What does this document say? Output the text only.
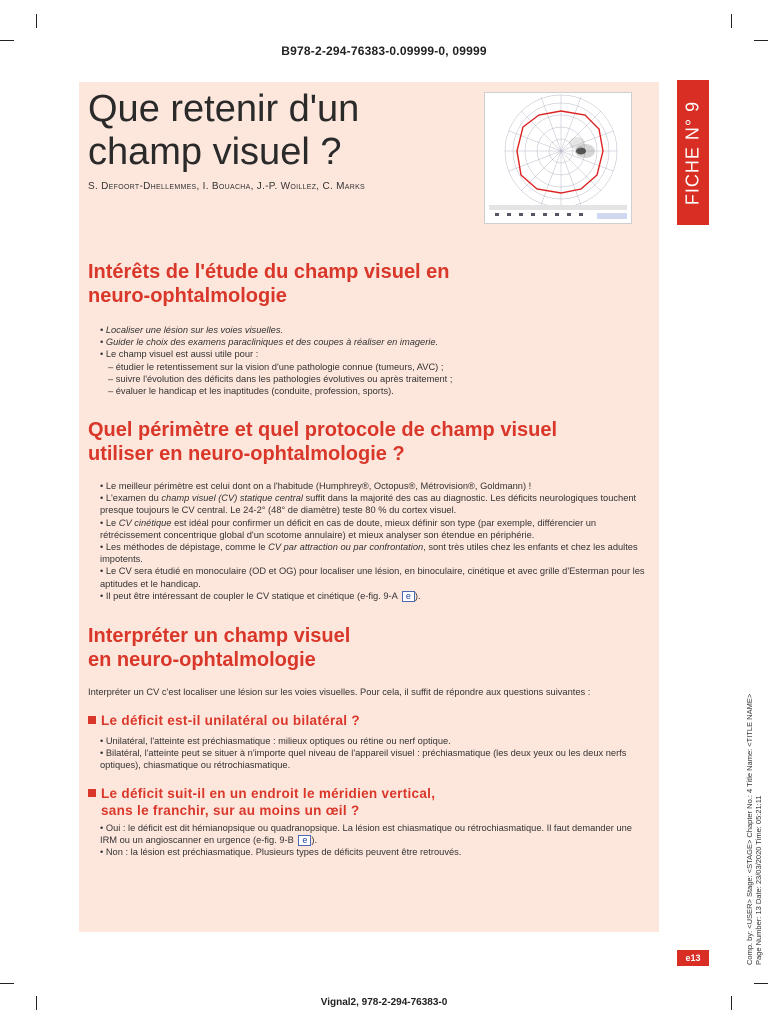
B978-2-294-76383-0.09999-0, 09999
Que retenir d'un
champ visuel ?
S. Defoort-Dhellemmes, I. Bouacha, J.-P. Woillez, C. Marks	FICHE N° 9
Intérêts de l'étude du champ visuel en
neuro-ophtalmologie
• Localiser une lésion sur les voies visuelles.
• Guider le choix des examens paracliniques et des coupes à réaliser en imagerie.
• Le champ visuel est aussi utile pour :
– étudier le retentissement sur la vision d'une pathologie connue (tumeurs, AVC) ;
– suivre l'évolution des déficits dans les pathologies évolutives ou après traitement ;
– évaluer le handicap et les inaptitudes (conduite, profession, sports).
Quel périmètre et quel protocole de champ visuel
utiliser en neuro-ophtalmologie ?
• Le meilleur périmètre est celui dont on a l'habitude (Humphrey®, Octopus®, Métrovision®, Goldmann) !
• L'examen du champ visuel (CV) statique central suffit dans la majorité des cas au diagnostic. Les déficits neurologiques touchent presque toujours le CV central. Le 24-2° (48° de diamètre) teste 80 % du cortex visuel.
• Le CV cinétique est idéal pour confirmer un déficit en cas de doute, mieux définir son type (par exemple, différencier un rétrécissement concentrique global d'un scotome annulaire) et mieux analyser son étendue en périphérie.
• Les méthodes de dépistage, comme le CV par attraction ou par confrontation, sont très utiles chez les enfants et chez les adultes impotents.
• Le CV sera étudié en monoculaire (OD et OG) pour localiser une lésion, en binoculaire, cinétique et avec grille d'Esterman pour les aptitudes et le handicap.
• Il peut être intéressant de coupler le CV statique et cinétique (e-fig. 9-A e ).
Interpréter un champ visuel
en neuro-ophtalmologie
Interpréter un CV c'est localiser une lésion sur les voies visuelles. Pour cela, il suffit de répondre aux questions suivantes :
Le déficit est-il unilatéral ou bilatéral ?
• Unilatéral, l'atteinte est préchiasmatique : milieux optiques ou rétine ou nerf optique.
• Bilatéral, l'atteinte peut se situer à n'importe quel niveau de l'appareil visuel : préchiasmatique (les deux yeux ou les deux nerfs optiques), chiasmatique ou rétrochiasmatique.
Le déficit suit-il en un endroit le méridien vertical,
sans le franchir, sur au moins un œil ?
• Oui : le déficit est dit hémianopsique ou quadranopsique. La lésion est chiasmatique ou rétrochiasmatique. Il faut demander une IRM ou un angioscanner en urgence (e-fig. 9-B e ).
• Non : la lésion est préchiasmatique. Plusieurs types de déficits peuvent être retrouvés.
e13	Comp. by: <USER> Stage: <STAGE> Chapter No.: 4 Title Name: <TITLE NAME> Page Number: 13 Date: 23/03/2020 Time: 05:21:11
Vignal2, 978-2-294-76383-0
